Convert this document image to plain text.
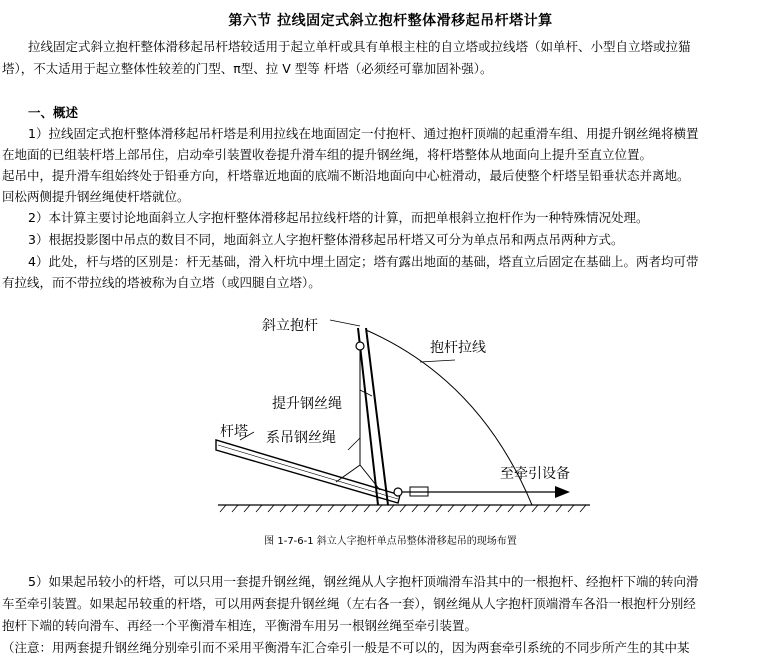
第六节 拉线固定式斜立抱杆整体滑移起吊杆塔计算
拉线固定式斜立抱杆整体滑移起吊杆塔较适用于起立单杆或具有单根主柱的自立塔或拉线塔（如单杆、小型自立塔或拉猫
塔），不太适用于起立整体性较差的门型、π型、拉 V 型等 杆塔（必须经可靠加固补强）。
一、概述
1）拉线固定式抱杆整体滑移起吊杆塔是利用拉线在地面固定一付抱杆、通过抱杆顶端的起重滑车组、用提升钢丝绳将横置
在地面的已组装杆塔上部吊住，启动牵引装置收卷提升滑车组的提升钢丝绳，将杆塔整体从地面向上提升至直立位置。
起吊中，提升滑车组始终处于铅垂方向，杆塔靠近地面的底端不断沿地面向中心桩滑动，最后使整个杆塔呈铅垂状态并离地。
回松两侧提升钢丝绳使杆塔就位。
2）本计算主要讨论地面斜立人字抱杆整体滑移起吊拉线杆塔的计算，而把单根斜立抱杆作为一种特殊情况处理。
3）根据投影图中吊点的数目不同，地面斜立人字抱杆整体滑移起吊杆塔又可分为单点吊和两点吊两种方式。
4）此处，杆与塔的区别是：杆无基础，滑入杆坑中埋土固定；塔有露出地面的基础，塔直立后固定在基础上。两者均可带
有拉线，而不带拉线的塔被称为自立塔（或四腿自立塔）。
斜立抱杆
抱杆拉线
提升钢丝绳
杆塔 系吊钢丝绳
至牵引设备
图 1-7-6-1 斜立人字抱杆单点吊整体滑移起吊的现场布置
5）如果起吊较小的杆塔，可以只用一套提升钢丝绳，钢丝绳从人字抱杆顶端滑车沿其中的一根抱杆、经抱杆下端的转向滑
车至牵引装置。如果起吊较重的杆塔，可以用两套提升钢丝绳（左右各一套），钢丝绳从人字抱杆顶端滑车各沿一根抱杆分别经
抱杆下端的转向滑车、再经一个平衡滑车相连，平衡滑车用另一根钢丝绳至牵引装置。
（注意：用两套提升钢丝绳分别牵引而不采用平衡滑车汇合牵引一般是不可以的，因为两套牵引系统的不同步所产生的其中某
